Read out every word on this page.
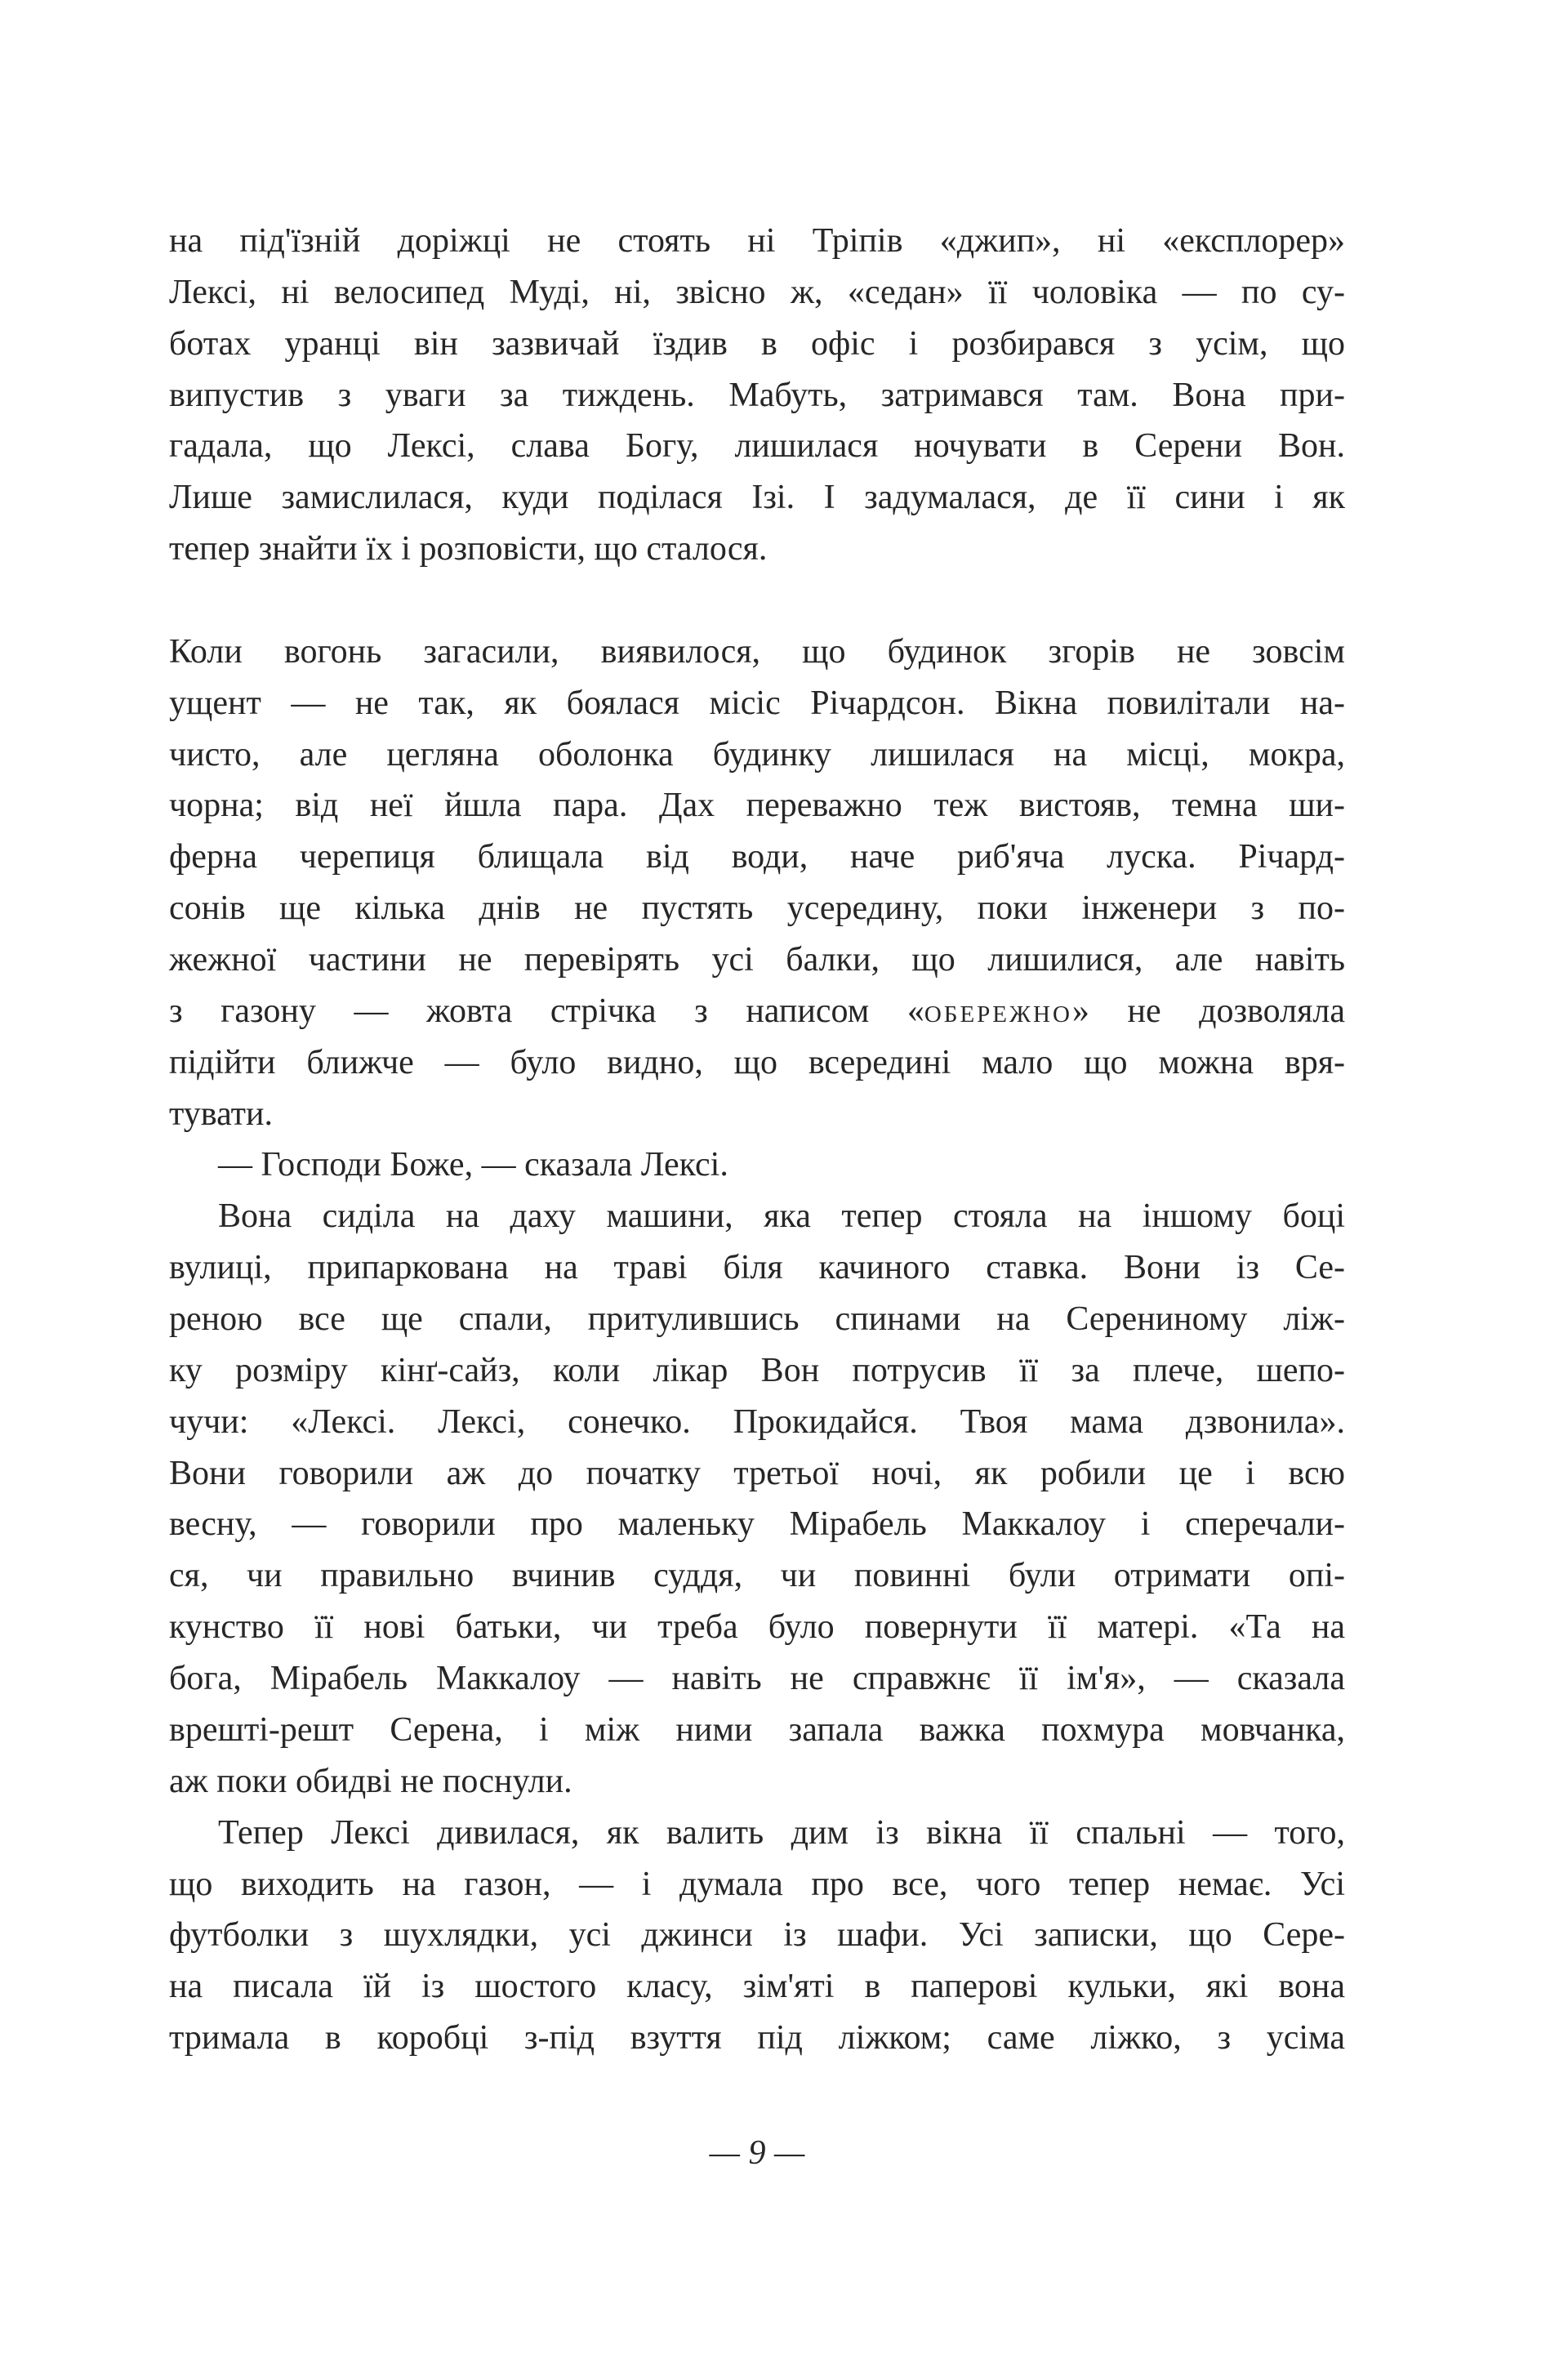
на під'їзній доріжці не стоять ні Тріпів «джип», ні «експлорер»
Лексі, ні велосипед Муді, ні, звісно ж, «седан» її чоловіка — по су-
ботах уранці він зазвичай їздив в офіс і розбирався з усім, що
випустив з уваги за тиждень. Мабуть, затримався там. Вона при-
гадала, що Лексі, слава Богу, лишилася ночувати в Серени Вон.
Лише замислилася, куди поділася Ізі. І задумалася, де її сини і як
тепер знайти їх і розповісти, що сталося.
Коли вогонь загасили, виявилося, що будинок згорів не зовсім
ущент — не так, як боялася місіс Річардсон. Вікна повилітали на-
чисто, але цегляна оболонка будинку лишилася на місці, мокра,
чорна; від неї йшла пара. Дах переважно теж вистояв, темна ши-
ферна черепиця блищала від води, наче риб'яча луска. Річард-
сонів ще кілька днів не пустять усередину, поки інженери з по-
жежної частини не перевірять усі балки, що лишилися, але навіть
з газону — жовта стрічка з написом «обережно» не дозволяла
підійти ближче — було видно, що всередині мало що можна вря-
тувати.
— Господи Боже, — сказала Лексі.
Вона сиділа на даху машини, яка тепер стояла на іншому боці
вулиці, припаркована на траві біля качиного ставка. Вони із Се-
реною все ще спали, притулившись спинами на Серениному ліж-
ку розміру кінґ-сайз, коли лікар Вон потрусив її за плече, шепо-
чучи: «Лексі. Лексі, сонечко. Прокидайся. Твоя мама дзвонила».
Вони говорили аж до початку третьої ночі, як робили це і всю
весну, — говорили про маленьку Мірабель Маккалоу і сперечали-
ся, чи правильно вчинив суддя, чи повинні були отримати опі-
кунство її нові батьки, чи треба було повернути її матері. «Та на
бога, Мірабель Маккалоу — навіть не справжнє її ім'я», — сказала
врешті-решт Серена, і між ними запала важка похмура мовчанка,
аж поки обидві не поснули.
Тепер Лексі дивилася, як валить дим із вікна її спальні — того,
що виходить на газон, — і думала про все, чого тепер немає. Усі
футболки з шухлядки, усі джинси із шафи. Усі записки, що Сере-
на писала їй із шостого класу, зім'яті в паперові кульки, які вона
тримала в коробці з-під взуття під ліжком; саме ліжко, з усіма
— 9 —
